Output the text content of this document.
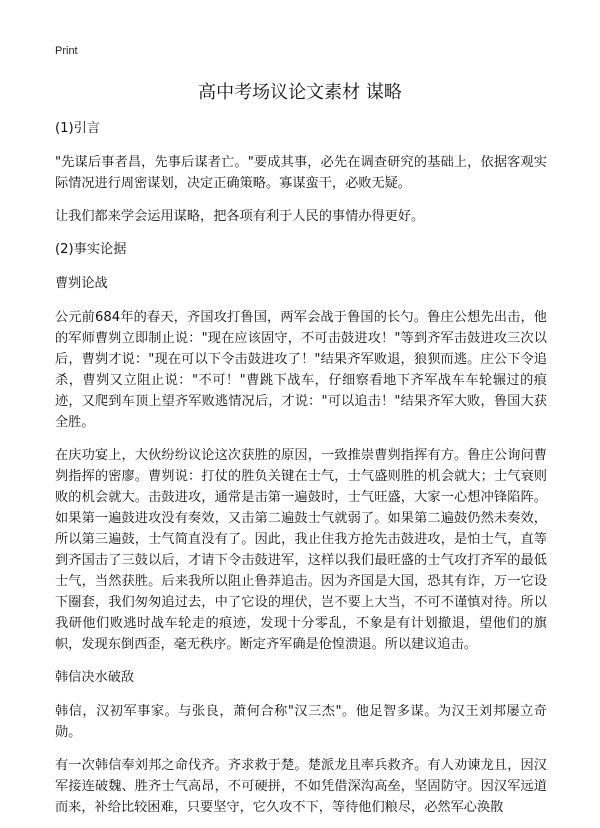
Print
高中考场议论文素材 谋略

(1)引言

"先谋后事者昌，先事后谋者亡。"要成其事，必先在调查研究的基础上，依据客观实际情况进行周密谋划，决定正确策略。寡谋蛮干，必败无疑。

让我们都来学会运用谋略，把各项有利于人民的事情办得更好。

(2)事实论据

曹刿论战

公元前684年的春天，齐国攻打鲁国，两军会战于鲁国的长勺。鲁庄公想先出击，他的军师曹刿立即制止说："现在应该固守，不可击鼓进攻！"等到齐军击鼓进攻三次以后，曹刿才说："现在可以下令击鼓进攻了！"结果齐军败退，狼狈而逃。庄公下令追杀，曹刿又立阻止说："不可！"曹跳下战车，仔细察看地下齐军战车车轮辗过的痕迹，又爬到车顶上望齐军败逃情况后，才说："可以追击！"结果齐军大败，鲁国大获全胜。

在庆功宴上，大伙纷纷议论这次获胜的原因，一致推崇曹刿指挥有方。鲁庄公询问曹刿指挥的密廖。曹刿说：打仗的胜负关键在士气，士气盛则胜的机会就大；士气衰则败的机会就大。击鼓进攻，通常是击第一遍鼓时，士气旺盛，大家一心想冲锋陷阵。如果第一遍鼓进攻没有奏效，又击第二遍鼓士气就弱了。如果第二遍鼓仍然未奏效，所以第三遍鼓，士气简直没有了。因此，我止住我方抢先击鼓进攻，是怕士气，直等到齐国击了三鼓以后，才请下令击鼓进军，这样以我们最旺盛的士气攻打齐军的最低士气，当然获胜。后来我所以阻止鲁莽追击。因为齐国是大国，恐其有诈，万一它设下圈套，我们匆匆追过去，中了它设的埋伏，岂不要上大当，不可不谨慎对待。所以我研他们败逃时战车轮走的痕迹，发现十分零乱，不象是有计划撤退，望他们的旗帜，发现东倒西歪，毫无秩序。断定齐军确是伧惶溃退。所以建议追击。

韩信决水破敌

韩信，汉初军事家。与张良，萧何合称"汉三杰"。他足智多谋。为汉王刘邦屡立奇勋。

有一次韩信奉刘邦之命伐齐。齐求救于楚。楚派龙且率兵救齐。有人劝谏龙且，因汉军接连破魏、胜齐士气高昂，不可硬拼，不如凭借深沟高垒，坚固防守。因汉军远道而来，补给比较困难，只要坚守，它久攻不下，等待他们粮尽，必然军心涣散
